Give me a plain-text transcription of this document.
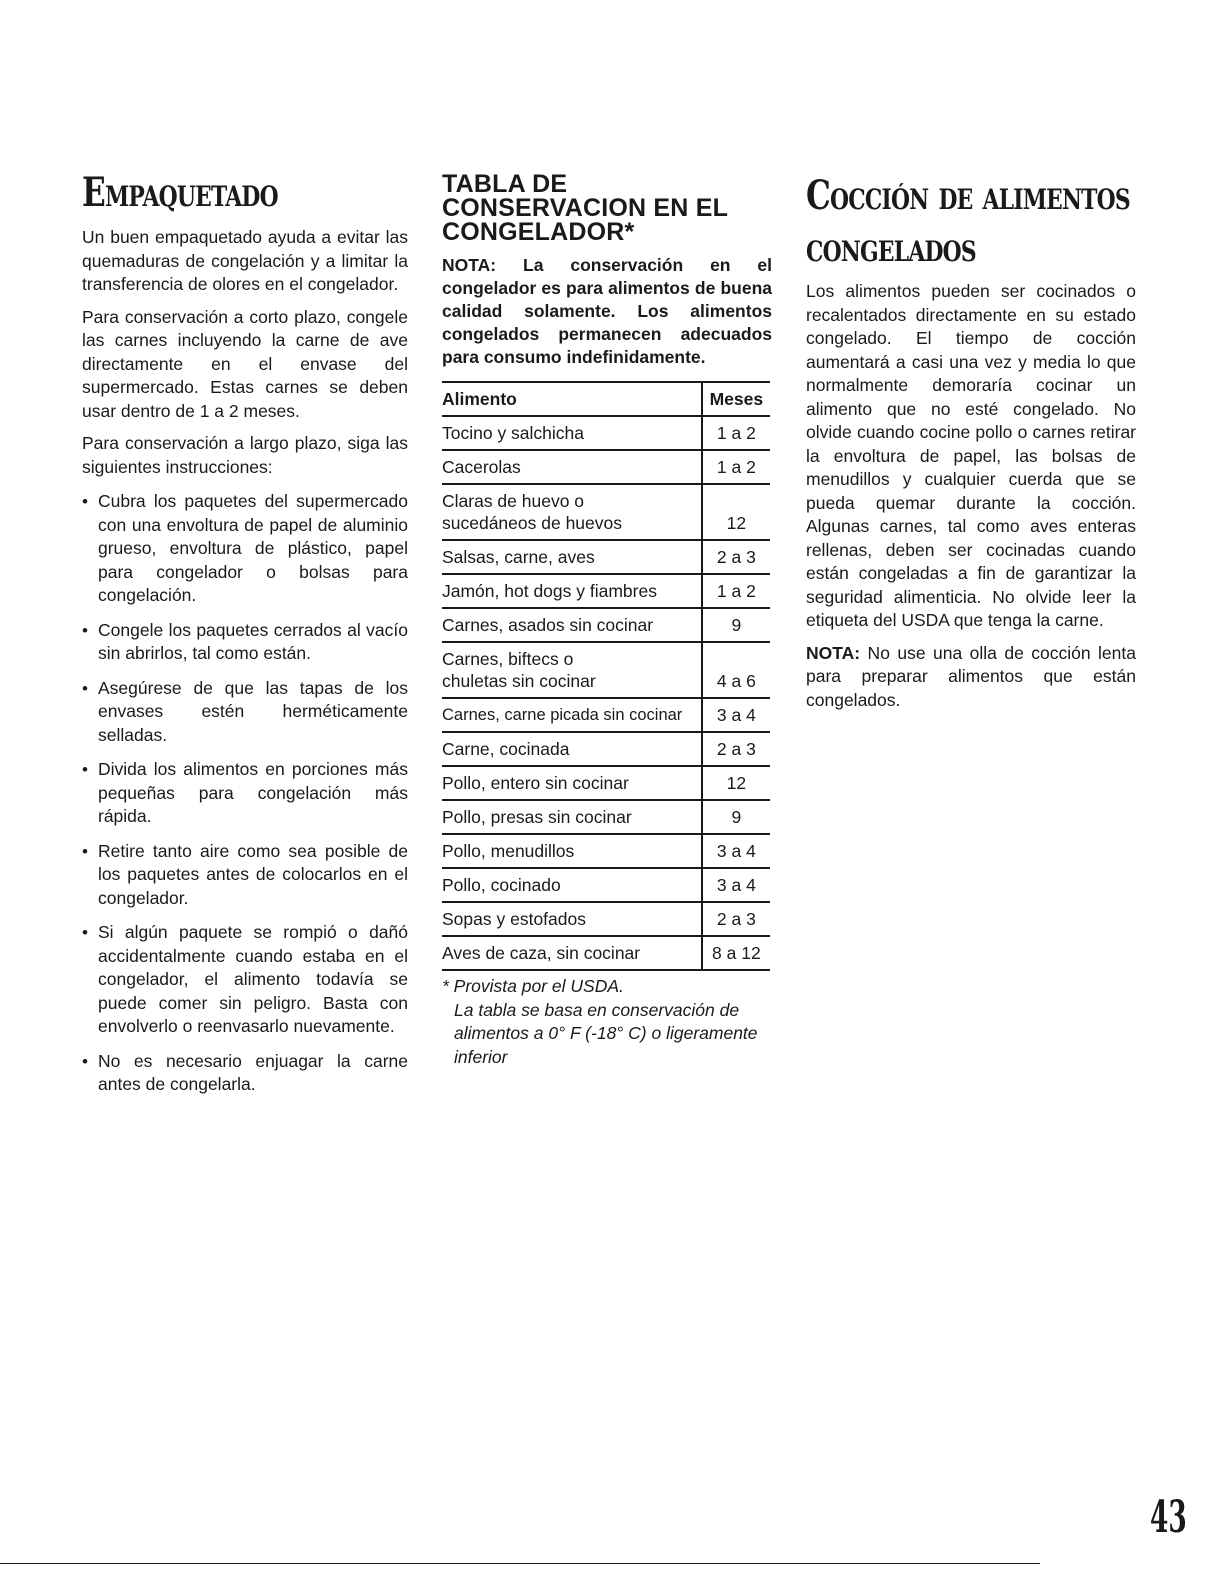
Empaquetado

Un buen empaquetado ayuda a evitar las quemaduras de congelación y a limitar la transferencia de olores en el congelador.

Para conservación a corto plazo, congele las carnes incluyendo la carne de ave directamente en el envase del supermercado. Estas carnes se deben usar dentro de 1 a 2 meses.

Para conservación a largo plazo, siga las siguientes instrucciones:

• Cubra los paquetes del supermercado con una envoltura de papel de aluminio grueso, envoltura de plástico, papel para congelador o bolsas para congelación.
• Congele los paquetes cerrados al vacío sin abrirlos, tal como están.
• Asegúrese de que las tapas de los envases estén herméticamente selladas.
• Divida los alimentos en porciones más pequeñas para congelación más rápida.
• Retire tanto aire como sea posible de los paquetes antes de colocarlos en el congelador.
• Si algún paquete se rompió o dañó accidentalmente cuando estaba en el congelador, el alimento todavía se puede comer sin peligro. Basta con envolverlo o reenvasarlo nuevamente.
• No es necesario enjuagar la carne antes de congelarla.
TABLA DE
CONSERVACION EN EL
CONGELADOR*

NOTA: La conservación en el congelador es para alimentos de buena calidad solamente. Los alimentos congelados permanecen adecuados para consumo indefinidamente.

Alimento	Meses
Tocino y salchicha	1 a 2
Cacerolas	1 a 2
Claras de huevo o sucedáneos de huevos	12
Salsas, carne, aves	2 a 3
Jamón, hot dogs y fiambres	1 a 2
Carnes, asados sin cocinar	9
Carnes, biftecs o chuletas sin cocinar	4 a 6
Carnes, carne picada sin cocinar	3 a 4
Carne, cocinada	2 a 3
Pollo, entero sin cocinar	12
Pollo, presas sin cocinar	9
Pollo, menudillos	3 a 4
Pollo, cocinado	3 a 4
Sopas y estofados	2 a 3
Aves de caza, sin cocinar	8 a 12
* Provista por el USDA.
La tabla se basa en conservación de alimentos a 0° F (-18° C) o ligeramente inferior
Cocción de alimentos
congelados

Los alimentos pueden ser cocinados o recalentados directamente en su estado congelado. El tiempo de cocción aumentará a casi una vez y media lo que normalmente demoraría cocinar un alimento que no esté congelado. No olvide cuando cocine pollo o carnes retirar la envoltura de papel, las bolsas de menudillos y cualquier cuerda que se pueda quemar durante la cocción. Algunas carnes, tal como aves enteras rellenas, deben ser cocinadas cuando están congeladas a fin de garantizar la seguridad alimenticia. No olvide leer la etiqueta del USDA que tenga la carne.

NOTA: No use una olla de cocción lenta para preparar alimentos que están congelados.

43
